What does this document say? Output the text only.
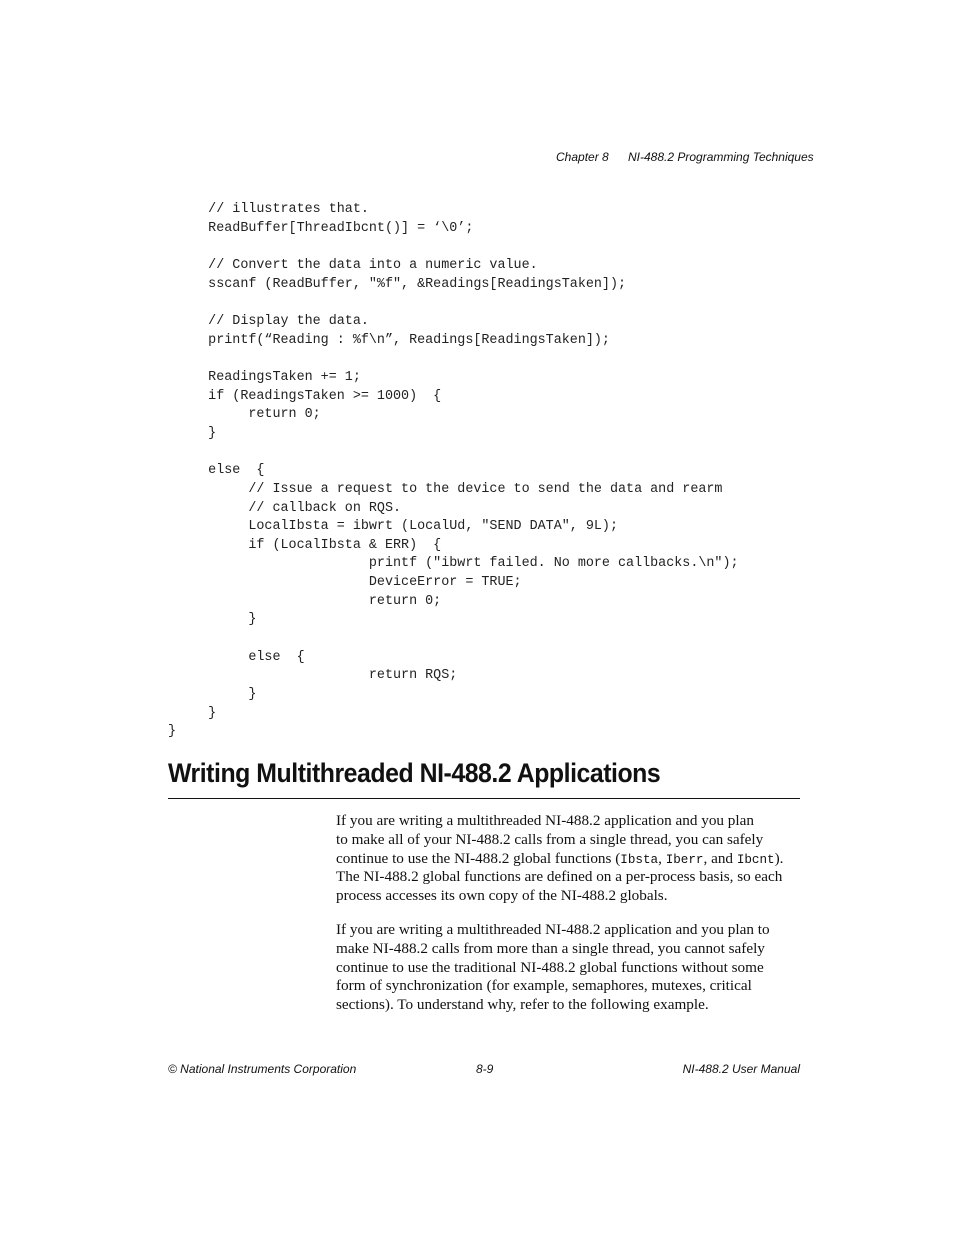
Chapter 8 NI-488.2 Programming Techniques
// illustrates that.
ReadBuffer[ThreadIbcnt()] = ‘\0’;
// Convert the data into a numeric value.
sscanf (ReadBuffer, "%f", &Readings[ReadingsTaken]);
// Display the data.
printf(“Reading : %f\n”, Readings[ReadingsTaken]);
ReadingsTaken += 1;
if (ReadingsTaken >= 1000)  {
return 0;
}
else  {
// Issue a request to the device to send the data and rearm
// callback on RQS.
LocalIbsta = ibwrt (LocalUd, "SEND DATA", 9L);
if (LocalIbsta & ERR)  {
printf ("ibwrt failed. No more callbacks.\n");
DeviceError = TRUE;
return 0;
}
else  {
return RQS;
}
}
}
Writing Multithreaded NI-488.2 Applications
If you are writing a multithreaded NI-488.2 application and you plan
to make all of your NI-488.2 calls from a single thread, you can safely
continue to use the NI-488.2 global functions (Ibsta, Iberr, and Ibcnt).
The NI-488.2 global functions are defined on a per-process basis, so each
process accesses its own copy of the NI-488.2 globals.
If you are writing a multithreaded NI-488.2 application and you plan to
make NI-488.2 calls from more than a single thread, you cannot safely
continue to use the traditional NI-488.2 global functions without some
form of synchronization (for example, semaphores, mutexes, critical
sections). To understand why, refer to the following example.
© National Instruments Corporation	8-9	NI-488.2 User Manual
